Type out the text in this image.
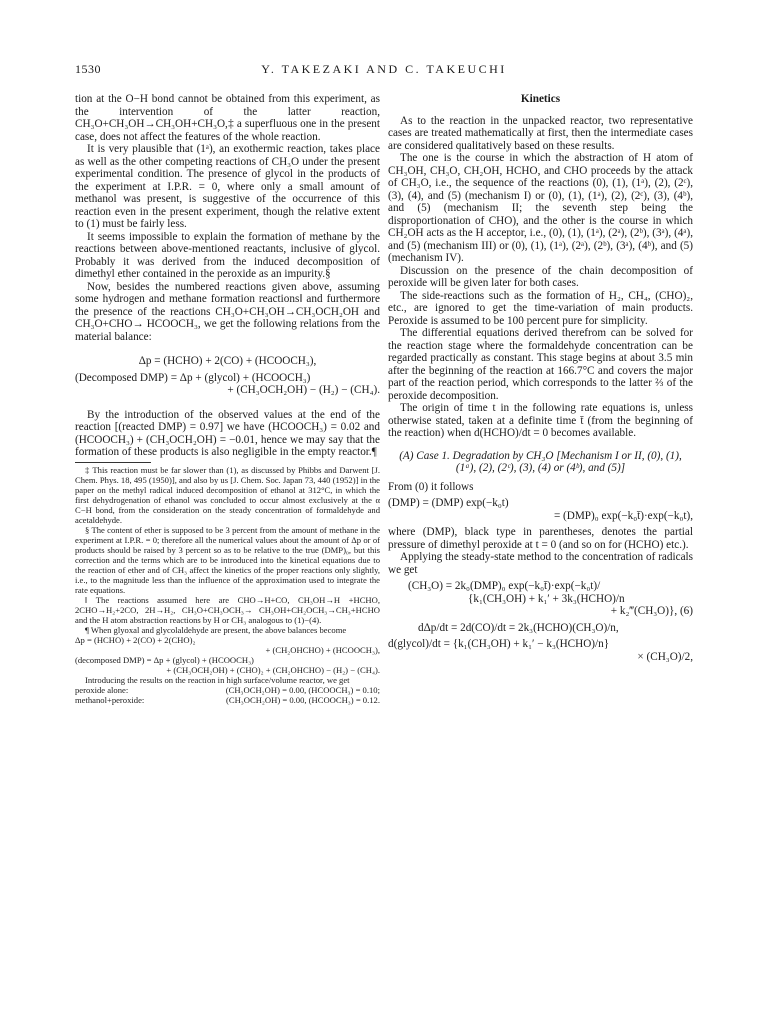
1530	Y. TAKEZAKI AND C. TAKEUCHI

tion at the O−H bond cannot be obtained from this experiment, as the intervention of the latter reaction, CH₃O+CH₃OH→CH₃OH+CH₃O,‡ a superfluous one in the present case, does not affect the features of the whole reaction.

It is very plausible that (1ᵃ), an exothermic reaction, takes place as well as the other competing reactions of CH₃O under the present experimental condition. The presence of glycol in the products of the experiment at I.P.R. = 0, where only a small amount of methanol was present, is suggestive of the occurrence of this reaction even in the present experiment, though the relative extent to (1) must be fairly less.

It seems impossible to explain the formation of methane by the reactions between above-mentioned reactants, inclusive of glycol. Probably it was derived from the induced decomposition of dimethyl ether contained in the peroxide as an impurity.§

Now, besides the numbered reactions given above, assuming some hydrogen and methane formation reactions‖ and furthermore the presence of the reactions CH₃O+CH₃OH→CH₃OCH₂OH and CH₃O+CHO→ HCOOCH₃, we get the following relations from the material balance:

Δp = (HCHO) + 2(CO) + (HCOOCH₃),
(Decomposed DMP) = Δp + (glycol) + (HCOOCH₃)
+ (CH₃OCH₂OH) − (H₂) − (CH₄).

By the introduction of the observed values at the end of the reaction [(reacted DMP) = 0.97] we have (HCOOCH₃) = 0.02 and (HCOOCH₃) + (CH₃OCH₂OH) = −0.01, hence we may say that the formation of these products is also negligible in the empty reactor.¶

‡ This reaction must be far slower than (1), as discussed by Phibbs and Darwent [J. Chem. Phys. 18, 495 (1950)], and also by us [J. Chem. Soc. Japan 73, 440 (1952)] in the paper on the methyl radical induced decomposition of ethanol at 312°C, in which the first dehydrogenation of ethanol was concluded to occur almost exclusively at the α C−H bond, from the consideration on the steady concentration of formaldehyde and acetaldehyde.

§ The content of ether is supposed to be 3 percent from the amount of methane in the experiment at I.P.R. = 0; therefore all the numerical values about the amount of Δp or of products should be raised by 3 percent so as to be relative to the true (DMP)₀, but this correction and the terms which are to be introduced into the kinetical equations due to the reaction of ether and of CH₃ affect the kinetics of the proper reactions only slightly, i.e., to the magnitude less than the influence of the approximation used to integrate the rate equations.

‖ The reactions assumed here are CHO→H+CO, CH₃OH→H +HCHO, 2CHO→H₂+2CO, 2H→H₂, CH₃O+CH₃OCH₃→ CH₃OH+CH₂OCH₃→CH₃+HCHO and the H atom abstraction reactions by H or CH₃ analogous to (1)−(4).

¶ When glyoxal and glycolaldehyde are present, the above balances become

Δp = (HCHO) + 2(CO) + 2(CHO)₂
+ (CH₂OHCHO) + (HCOOCH₃),
(decomposed DMP) = Δp + (glycol) + (HCOOCH₃)
+ (CH₃OCH₂OH) + (CHO)₂ + (CH₂OHCHO) − (H₂) − (CH₄).

Introducing the results on the reaction in high surface/volume reactor, we get

peroxide alone:	(CH₃OCH₂OH) = 0.00, (HCOOCH₃) = 0.10;
methanol+peroxide:	(CH₃OCH₂OH) = 0.00, (HCOOCH₃) = 0.12.

Kinetics

As to the reaction in the unpacked reactor, two representative cases are treated mathematically at first, then the intermediate cases are considered qualitatively based on these results.

The one is the course in which the abstraction of H atom of CH₃OH, CH₃O, CH₂OH, HCHO, and CHO proceeds by the attack of CH₃O, i.e., the sequence of the reactions (0), (1), (1ᵃ), (2), (2ᶜ), (3), (4), and (5) (mechanism I) or (0), (1), (1ᵃ), (2), (2ᶜ), (3), (4ᵇ), and (5) (mechanism II; the seventh step being the disproportionation of CHO), and the other is the course in which CH₂OH acts as the H acceptor, i.e., (0), (1), (1ᵃ), (2ᵃ), (2ᵇ), (3ᵃ), (4ᵃ), and (5) (mechanism III) or (0), (1), (1ᵃ), (2ᵃ), (2ᵇ), (3ᵃ), (4ᵇ), and (5) (mechanism IV).

Discussion on the presence of the chain decomposition of peroxide will be given later for both cases.

The side-reactions such as the formation of H₂, CH₄, (CHO)₂, etc., are ignored to get the time-variation of main products. Peroxide is assumed to be 100 percent pure for simplicity.

The differential equations derived therefrom can be solved for the reaction stage where the formaldehyde concentration can be regarded practically as constant. This stage begins at about 3.5 min after the beginning of the reaction at 166.7°C and covers the major part of the reaction period, which corresponds to the latter ⅔ of the peroxide decomposition.

The origin of time t in the following rate equations is, unless otherwise stated, taken at a definite time t̄ (from the beginning of the reaction) when d(HCHO)/dt = 0 becomes available.

(A) Case 1. Degradation by CH₃O [Mechanism I or II, (0), (1), (1ᵃ), (2), (2ᶜ), (3), (4) or (4ᵇ), and (5)]

From (0) it follows

(DMP) = (DMP) exp(−k₀t)
= (DMP)₀ exp(−k₀t̄)·exp(−k₀t),

where (DMP), black type in parentheses, denotes the partial pressure of dimethyl peroxide at t = 0 (and so on for (HCHO) etc.).

Applying the steady-state method to the concentration of radicals we get

(CH₃O) = 2k₀(DMP)₀ exp(−k₀t̄)·exp(−k₀t)/
{k₁(CH₃OH) + k₁′ + 3k₃(HCHO)/n
+ k₂‴(CH₃O)}, (6)
dΔp/dt = 2d(CO)/dt = 2k₃(HCHO)(CH₃O)/n,
d(glycol)/dt = {k₁(CH₃OH) + k₁′ − k₃(HCHO)/n}
× (CH₃O)/2,
